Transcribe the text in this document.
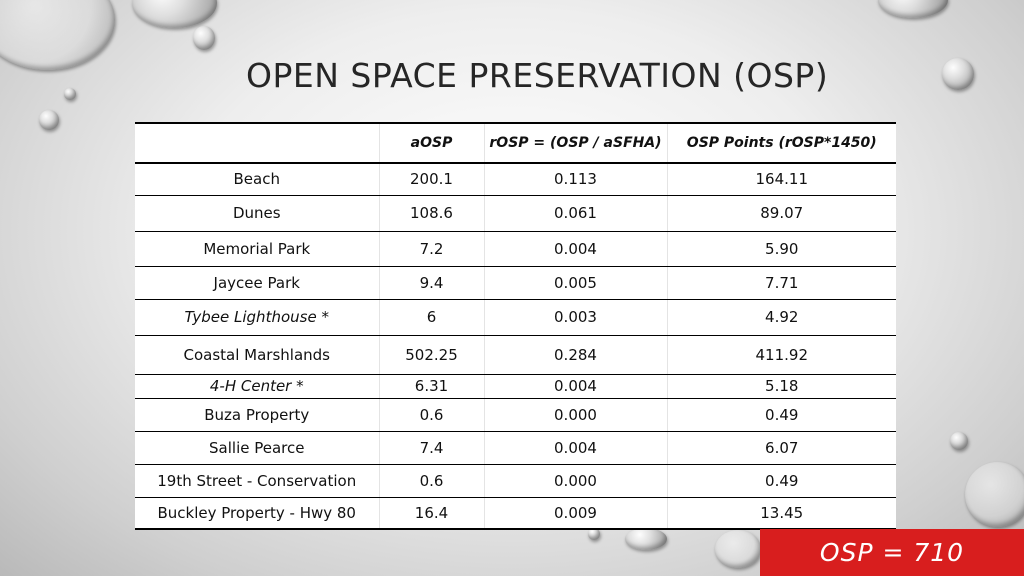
OPEN SPACE PRESERVATION (OSP)
	aOSP	rOSP = (OSP / aSFHA)	OSP Points (rOSP*1450)
Beach	200.1	0.113	164.11
Dunes	108.6	0.061	89.07
Memorial Park	7.2	0.004	5.90
Jaycee Park	9.4	0.005	7.71
Tybee Lighthouse *	6	0.003	4.92
Coastal Marshlands	502.25	0.284	411.92
4-H Center *	6.31	0.004	5.18
Buza Property	0.6	0.000	0.49
Sallie Pearce	7.4	0.004	6.07
19th Street - Conservation	0.6	0.000	0.49
Buckley Property - Hwy 80	16.4	0.009	13.45
OSP = 710
